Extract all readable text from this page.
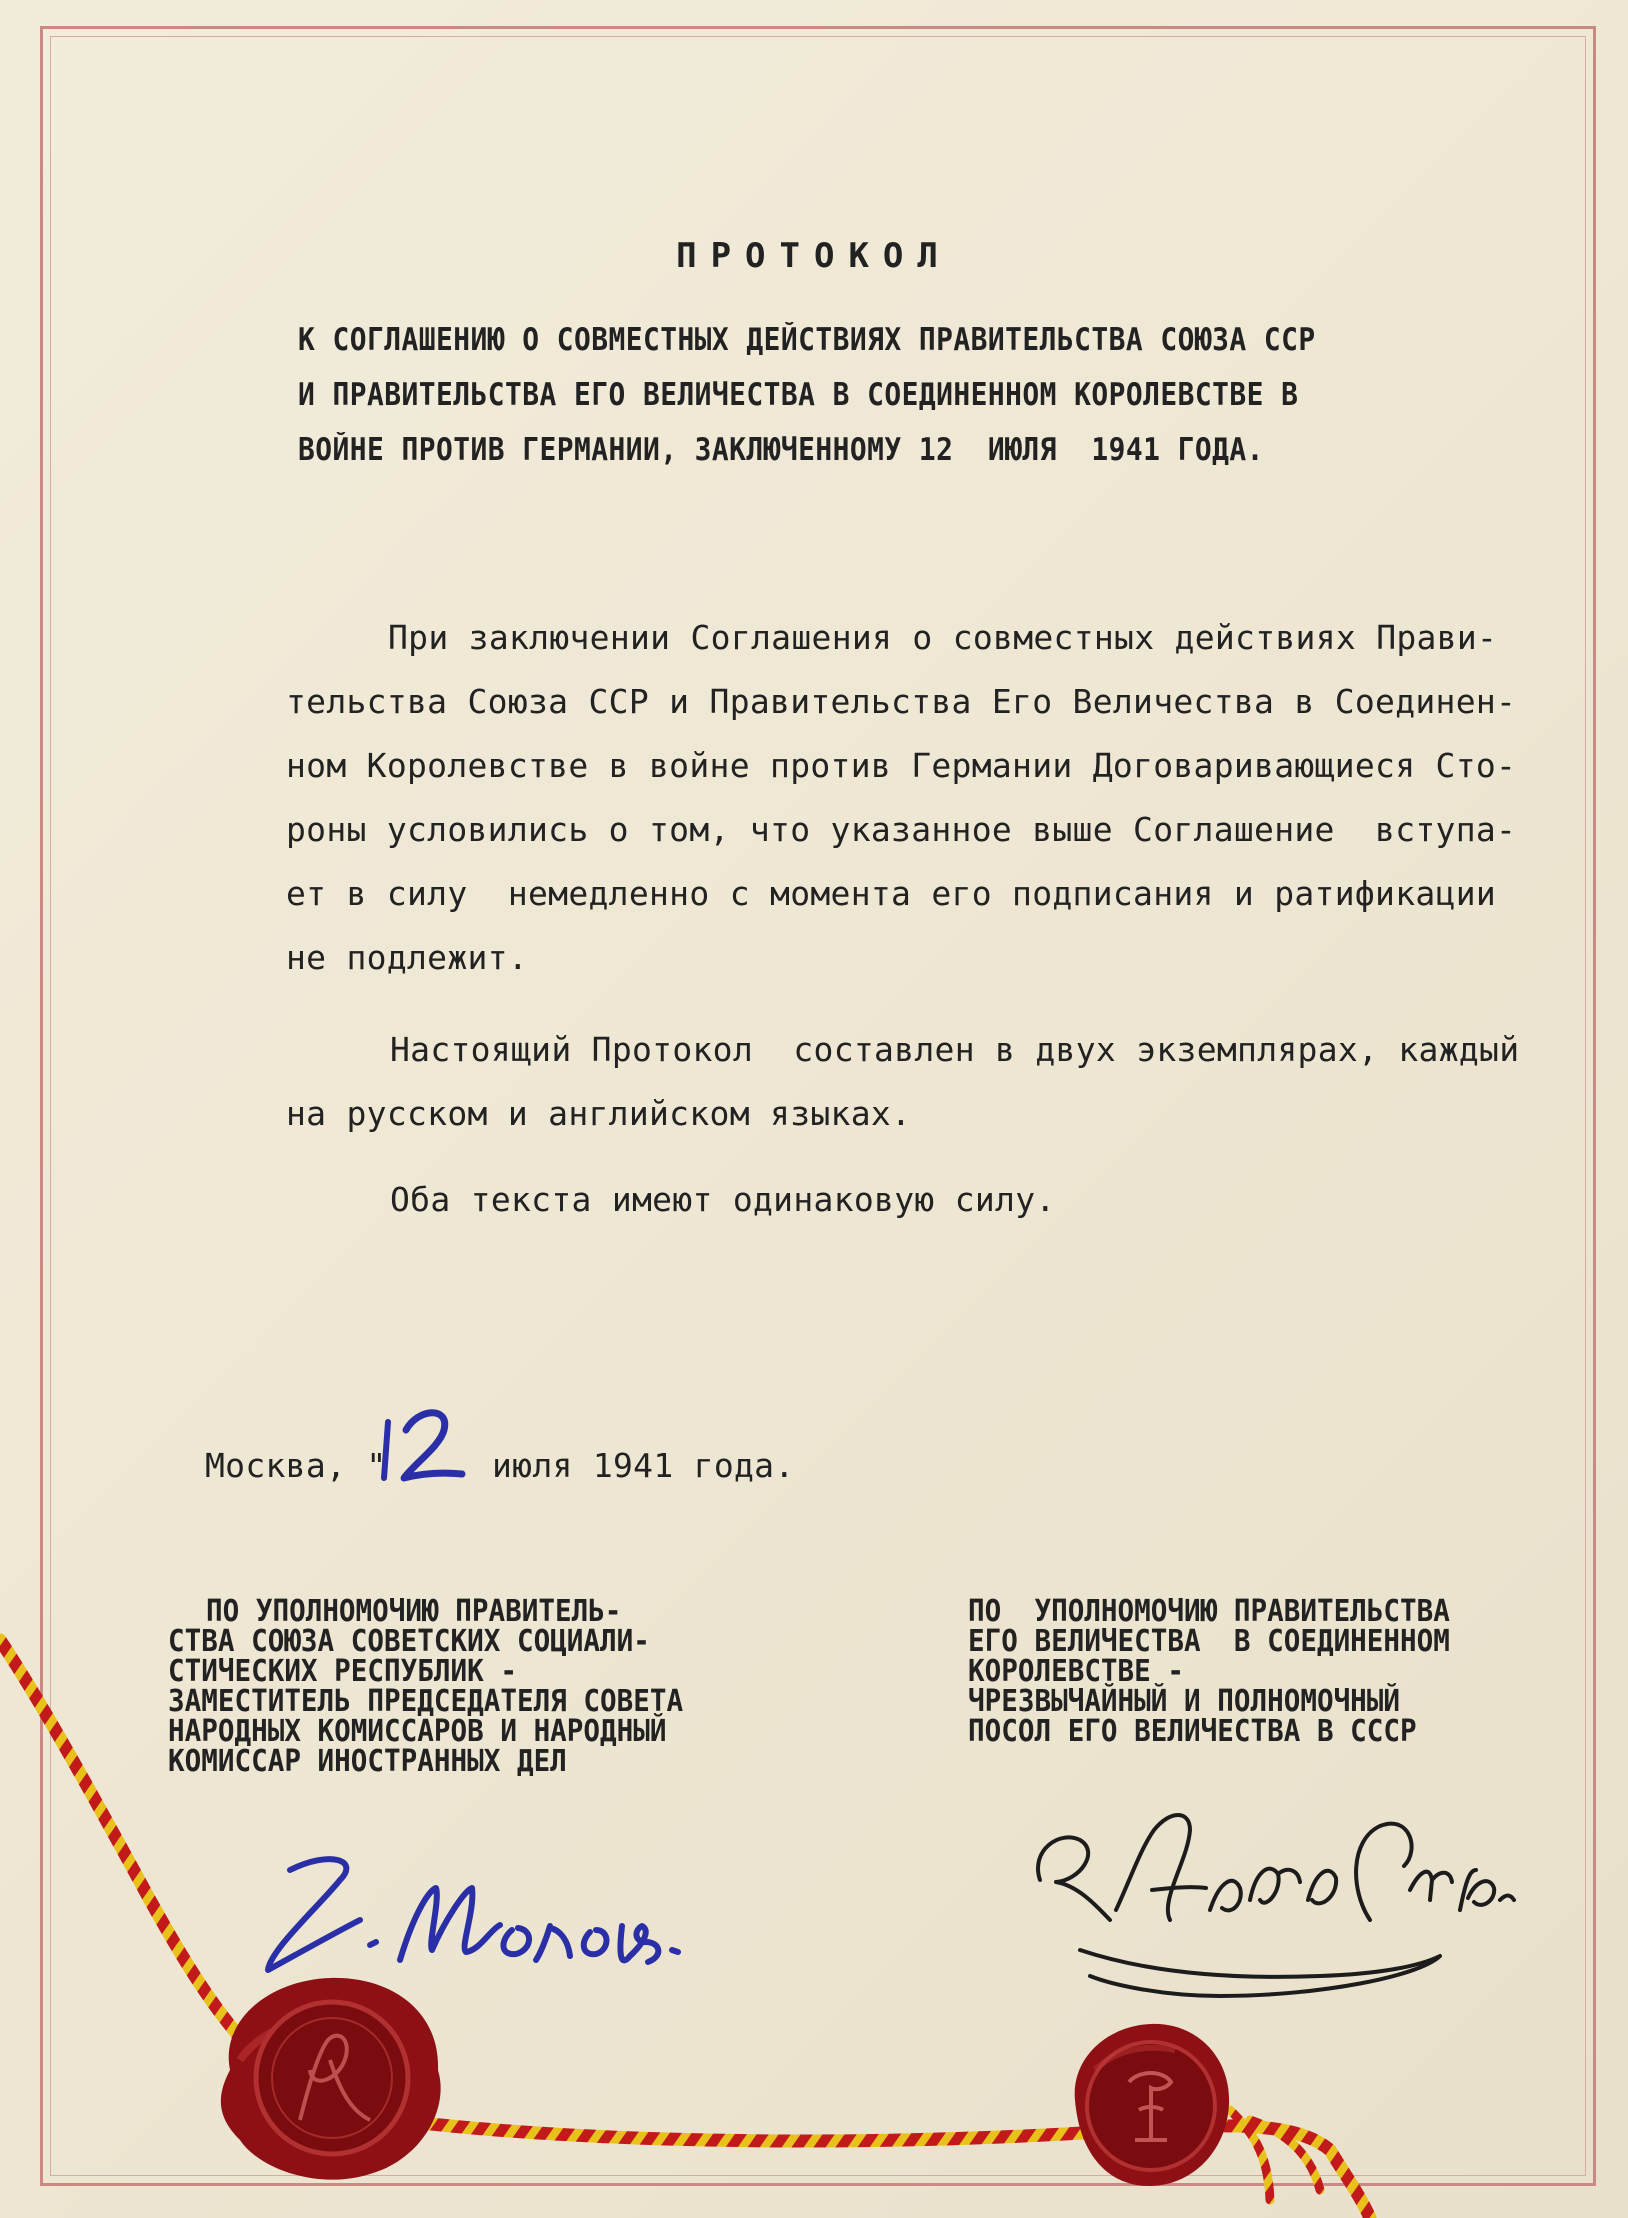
ПРОТОКОЛ
К СОГЛАШЕНИЮ О СОВМЕСТНЫХ ДЕЙСТВИЯХ ПРАВИТЕЛЬСТВА СОЮЗА ССР
И ПРАВИТЕЛЬСТВА ЕГО ВЕЛИЧЕСТВА В СОЕДИНЕННОМ КОРОЛЕВСТВЕ В
ВОЙНЕ ПРОТИВ ГЕРМАНИИ, ЗАКЛЮЧЕННОМУ 12  ИЮЛЯ  1941 ГОДА.
При заключении Соглашения о совместных действиях Прави-
тельства Союза ССР и Правительства Его Величества в Соединен-
ном Королевстве в войне против Германии Договаривающиеся Сто-
роны условились о том, что указанное выше Соглашение  вступа-
ет в силу  немедленно с момента его подписания и ратификации
не подлежит.
Настоящий Протокол  составлен в двух экземплярах, каждый
на русском и английском языках.
Оба текста имеют одинаковую силу.
Москва, "	июля 1941 года.
ПО УПОЛНОМОЧИЮ ПРАВИТЕЛЬ-
СТВА СОЮЗА СОВЕТСКИХ СОЦИАЛИ-
СТИЧЕСКИХ РЕСПУБЛИК -
ЗАМЕСТИТЕЛЬ ПРЕДСЕДАТЕЛЯ СОВЕТА
НАРОДНЫХ КОМИССАРОВ И НАРОДНЫЙ
КОМИССАР ИНОСТРАННЫХ ДЕЛ
ПО  УПОЛНОМОЧИЮ ПРАВИТЕЛЬСТВА
ЕГО ВЕЛИЧЕСТВА  В СОЕДИНЕННОМ
КОРОЛЕВСТВЕ -
ЧРЕЗВЫЧАЙНЫЙ И ПОЛНОМОЧНЫЙ
ПОСОЛ ЕГО ВЕЛИЧЕСТВА В СССР
